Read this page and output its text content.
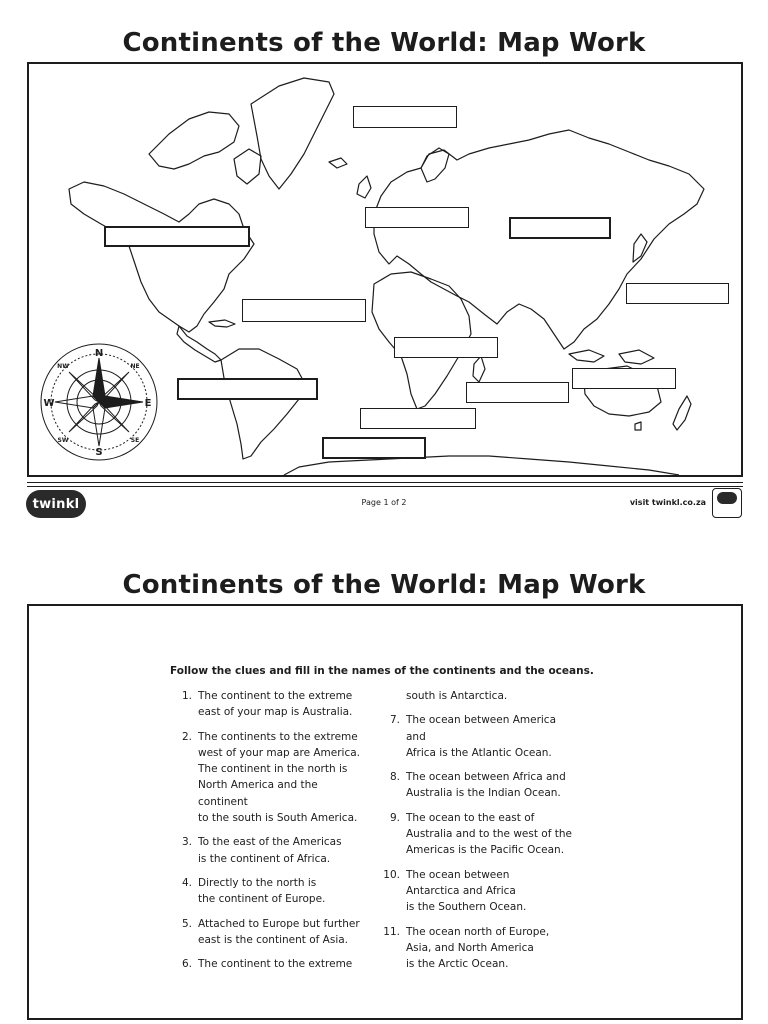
Continents of the World: Map Work
N
S
E
W
NE
NW
SE
SW
twinkl	Page 1 of 2	visit twinkl.co.za
Continents of the World: Map Work
Follow the clues and fill in the names of the continents and the oceans.
1. The continent to the extreme
east of your map is Australia.
2. The continents to the extreme
west of your map are America.
The continent in the north is
North America and the continent
to the south is South America.
3. To the east of the Americas
is the continent of Africa.
4. Directly to the north is
the continent of Europe.
5. Attached to Europe but further
east is the continent of Asia.
6. The continent to the extreme
south is Antarctica.
7. The ocean between America and
Africa is the Atlantic Ocean.
8. The ocean between Africa and
Australia is the Indian Ocean.
9. The ocean to the east of
Australia and to the west of the
Americas is the Pacific Ocean.
10. The ocean between
Antarctica and Africa
is the Southern Ocean.
11. The ocean north of Europe,
Asia, and North America
is the Arctic Ocean.
